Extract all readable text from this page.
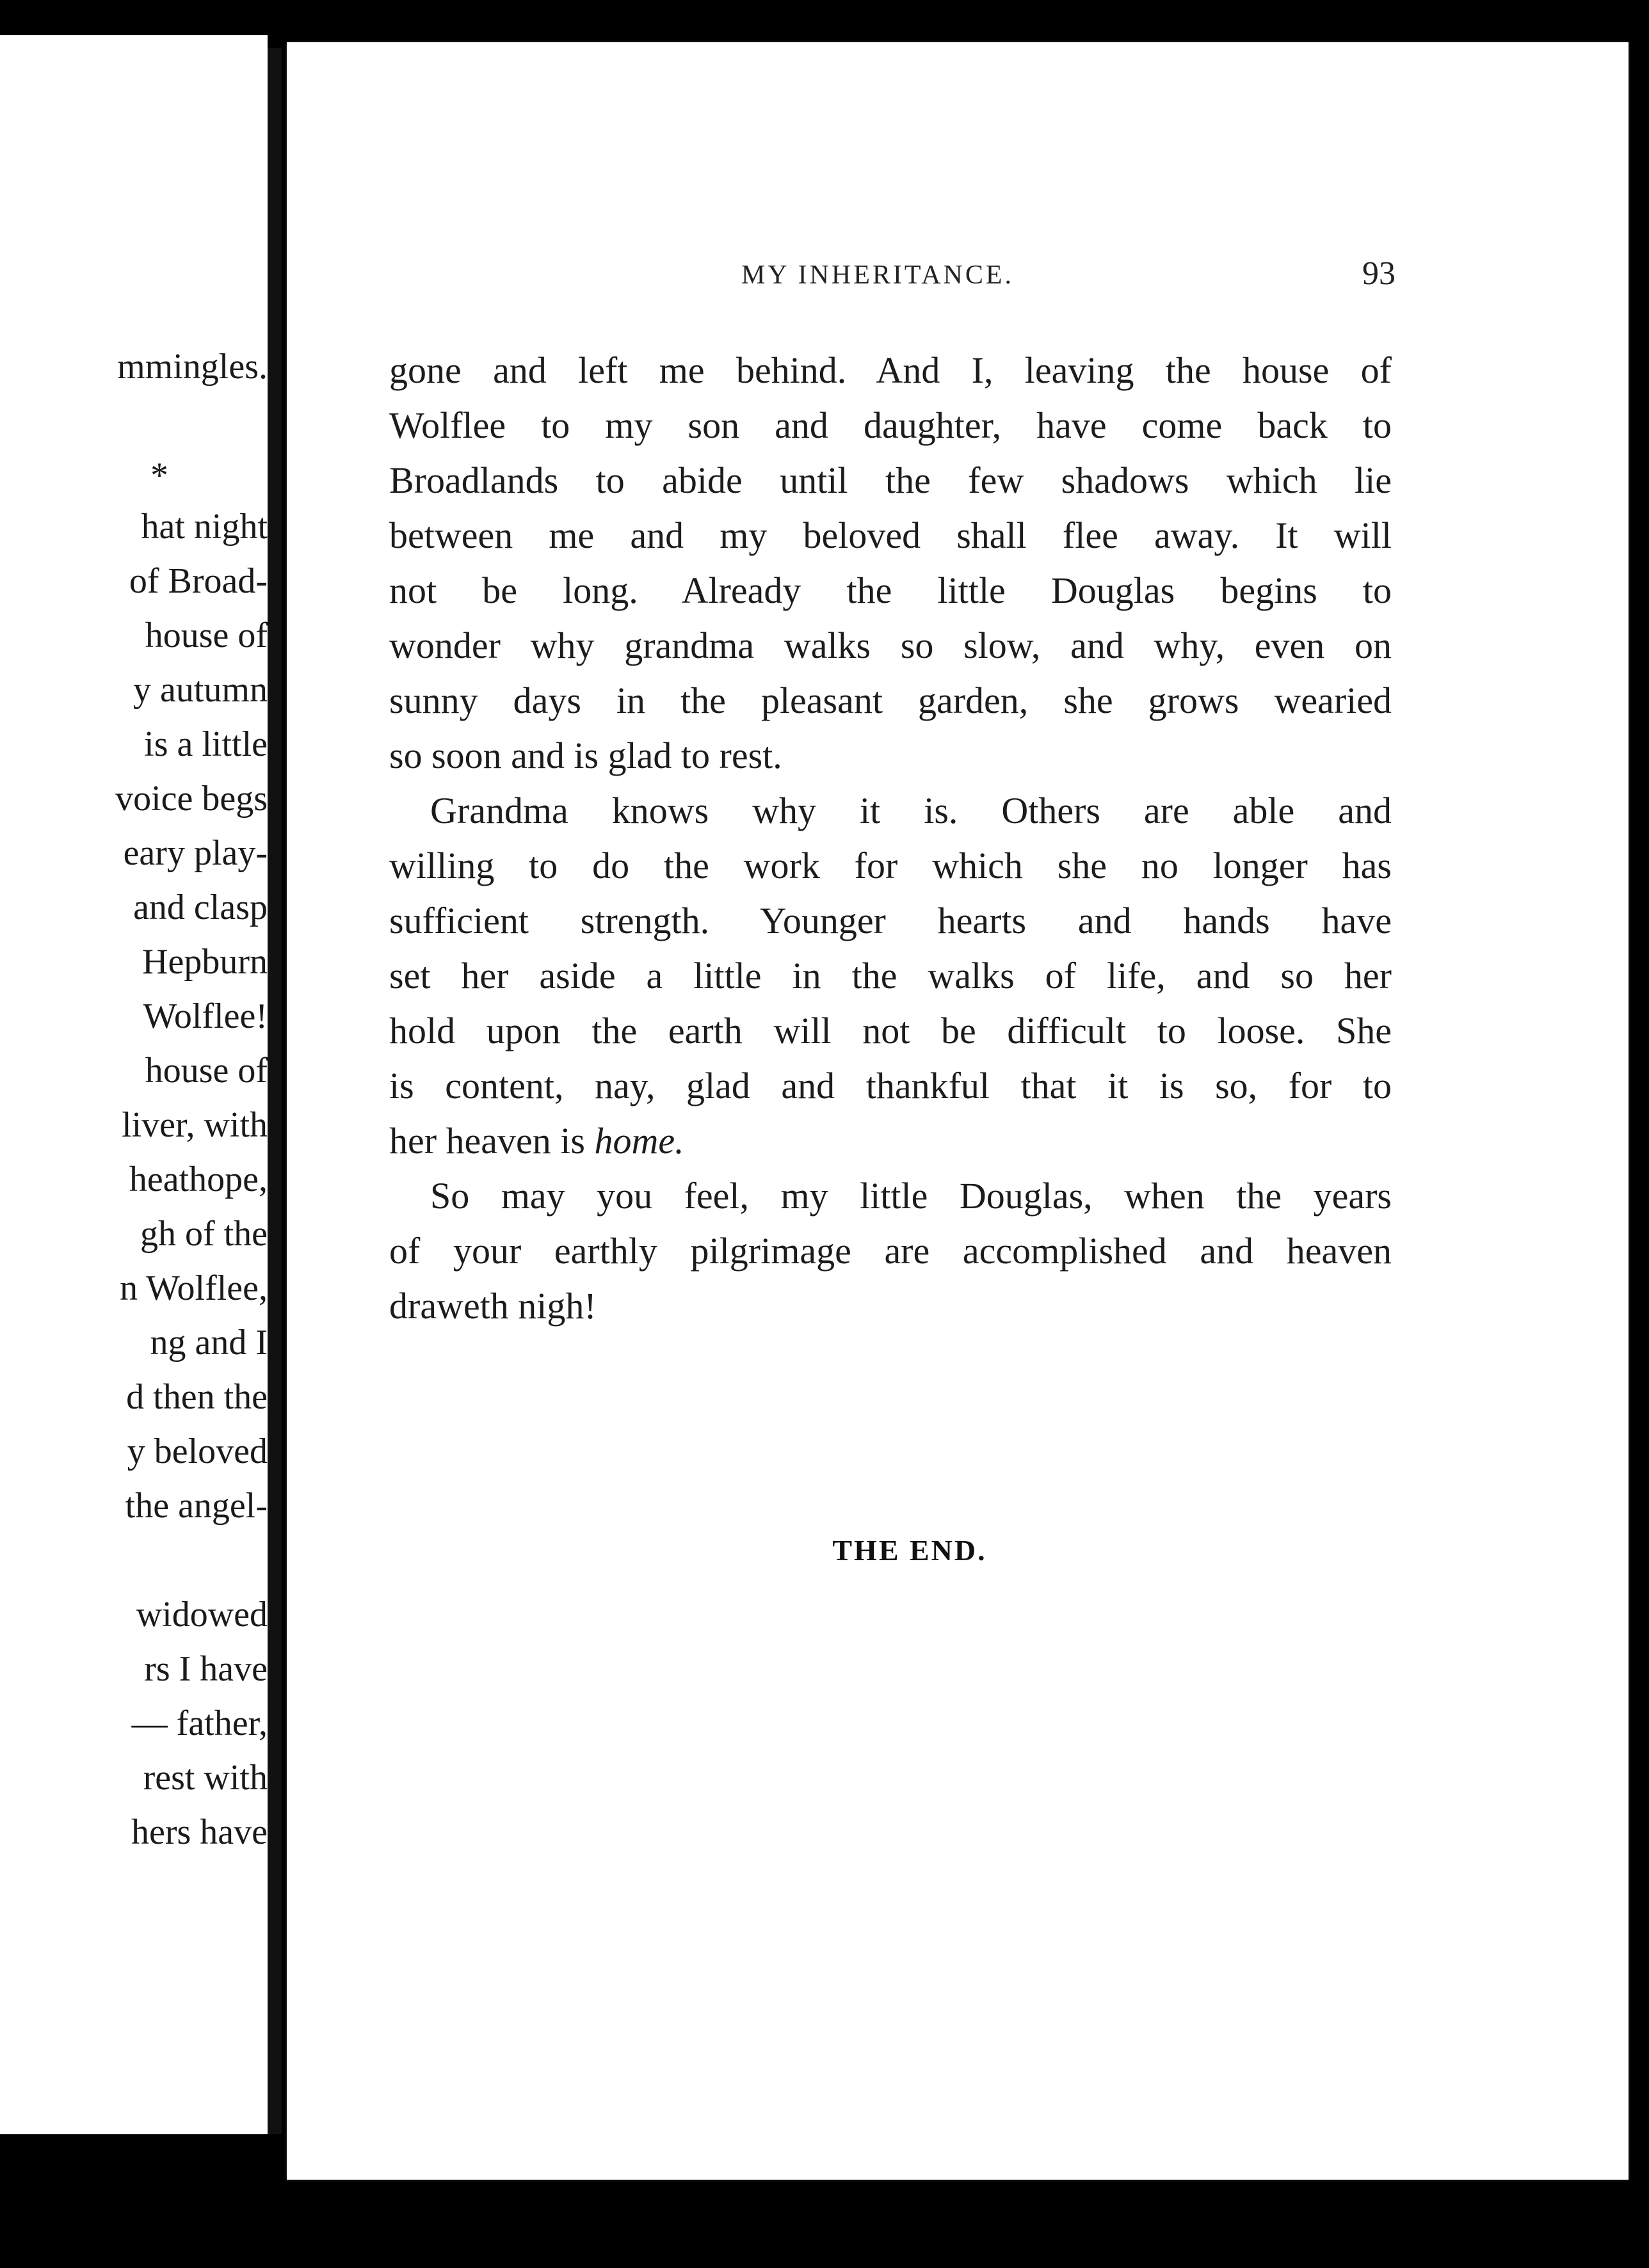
mmingles.
*
hat night
of Broad-
house of
y autumn
is a little
voice begs
eary play-
and clasp
Hepburn
Wolflee!
house of
liver, with
heathope,
gh of the
n Wolflee,
ng and I
d then the
y beloved
the angel-
widowed
rs I have
— father,
rest with
hers have
MY INHERITANCE.	93
gone and left me behind. And I, leaving the house of
Wolflee to my son and daughter, have come back to
Broadlands to abide until the few shadows which lie
between me and my beloved shall flee away. It will
not be long. Already the little Douglas begins to
wonder why grandma walks so slow, and why, even on
sunny days in the pleasant garden, she grows wearied
so soon and is glad to rest.
Grandma knows why it is. Others are able and
willing to do the work for which she no longer has
sufficient strength. Younger hearts and hands have
set her aside a little in the walks of life, and so her
hold upon the earth will not be difficult to loose. She
is content, nay, glad and thankful that it is so, for to
her heaven is home.
So may you feel, my little Douglas, when the years
of your earthly pilgrimage are accomplished and heaven
draweth nigh!
THE END.
